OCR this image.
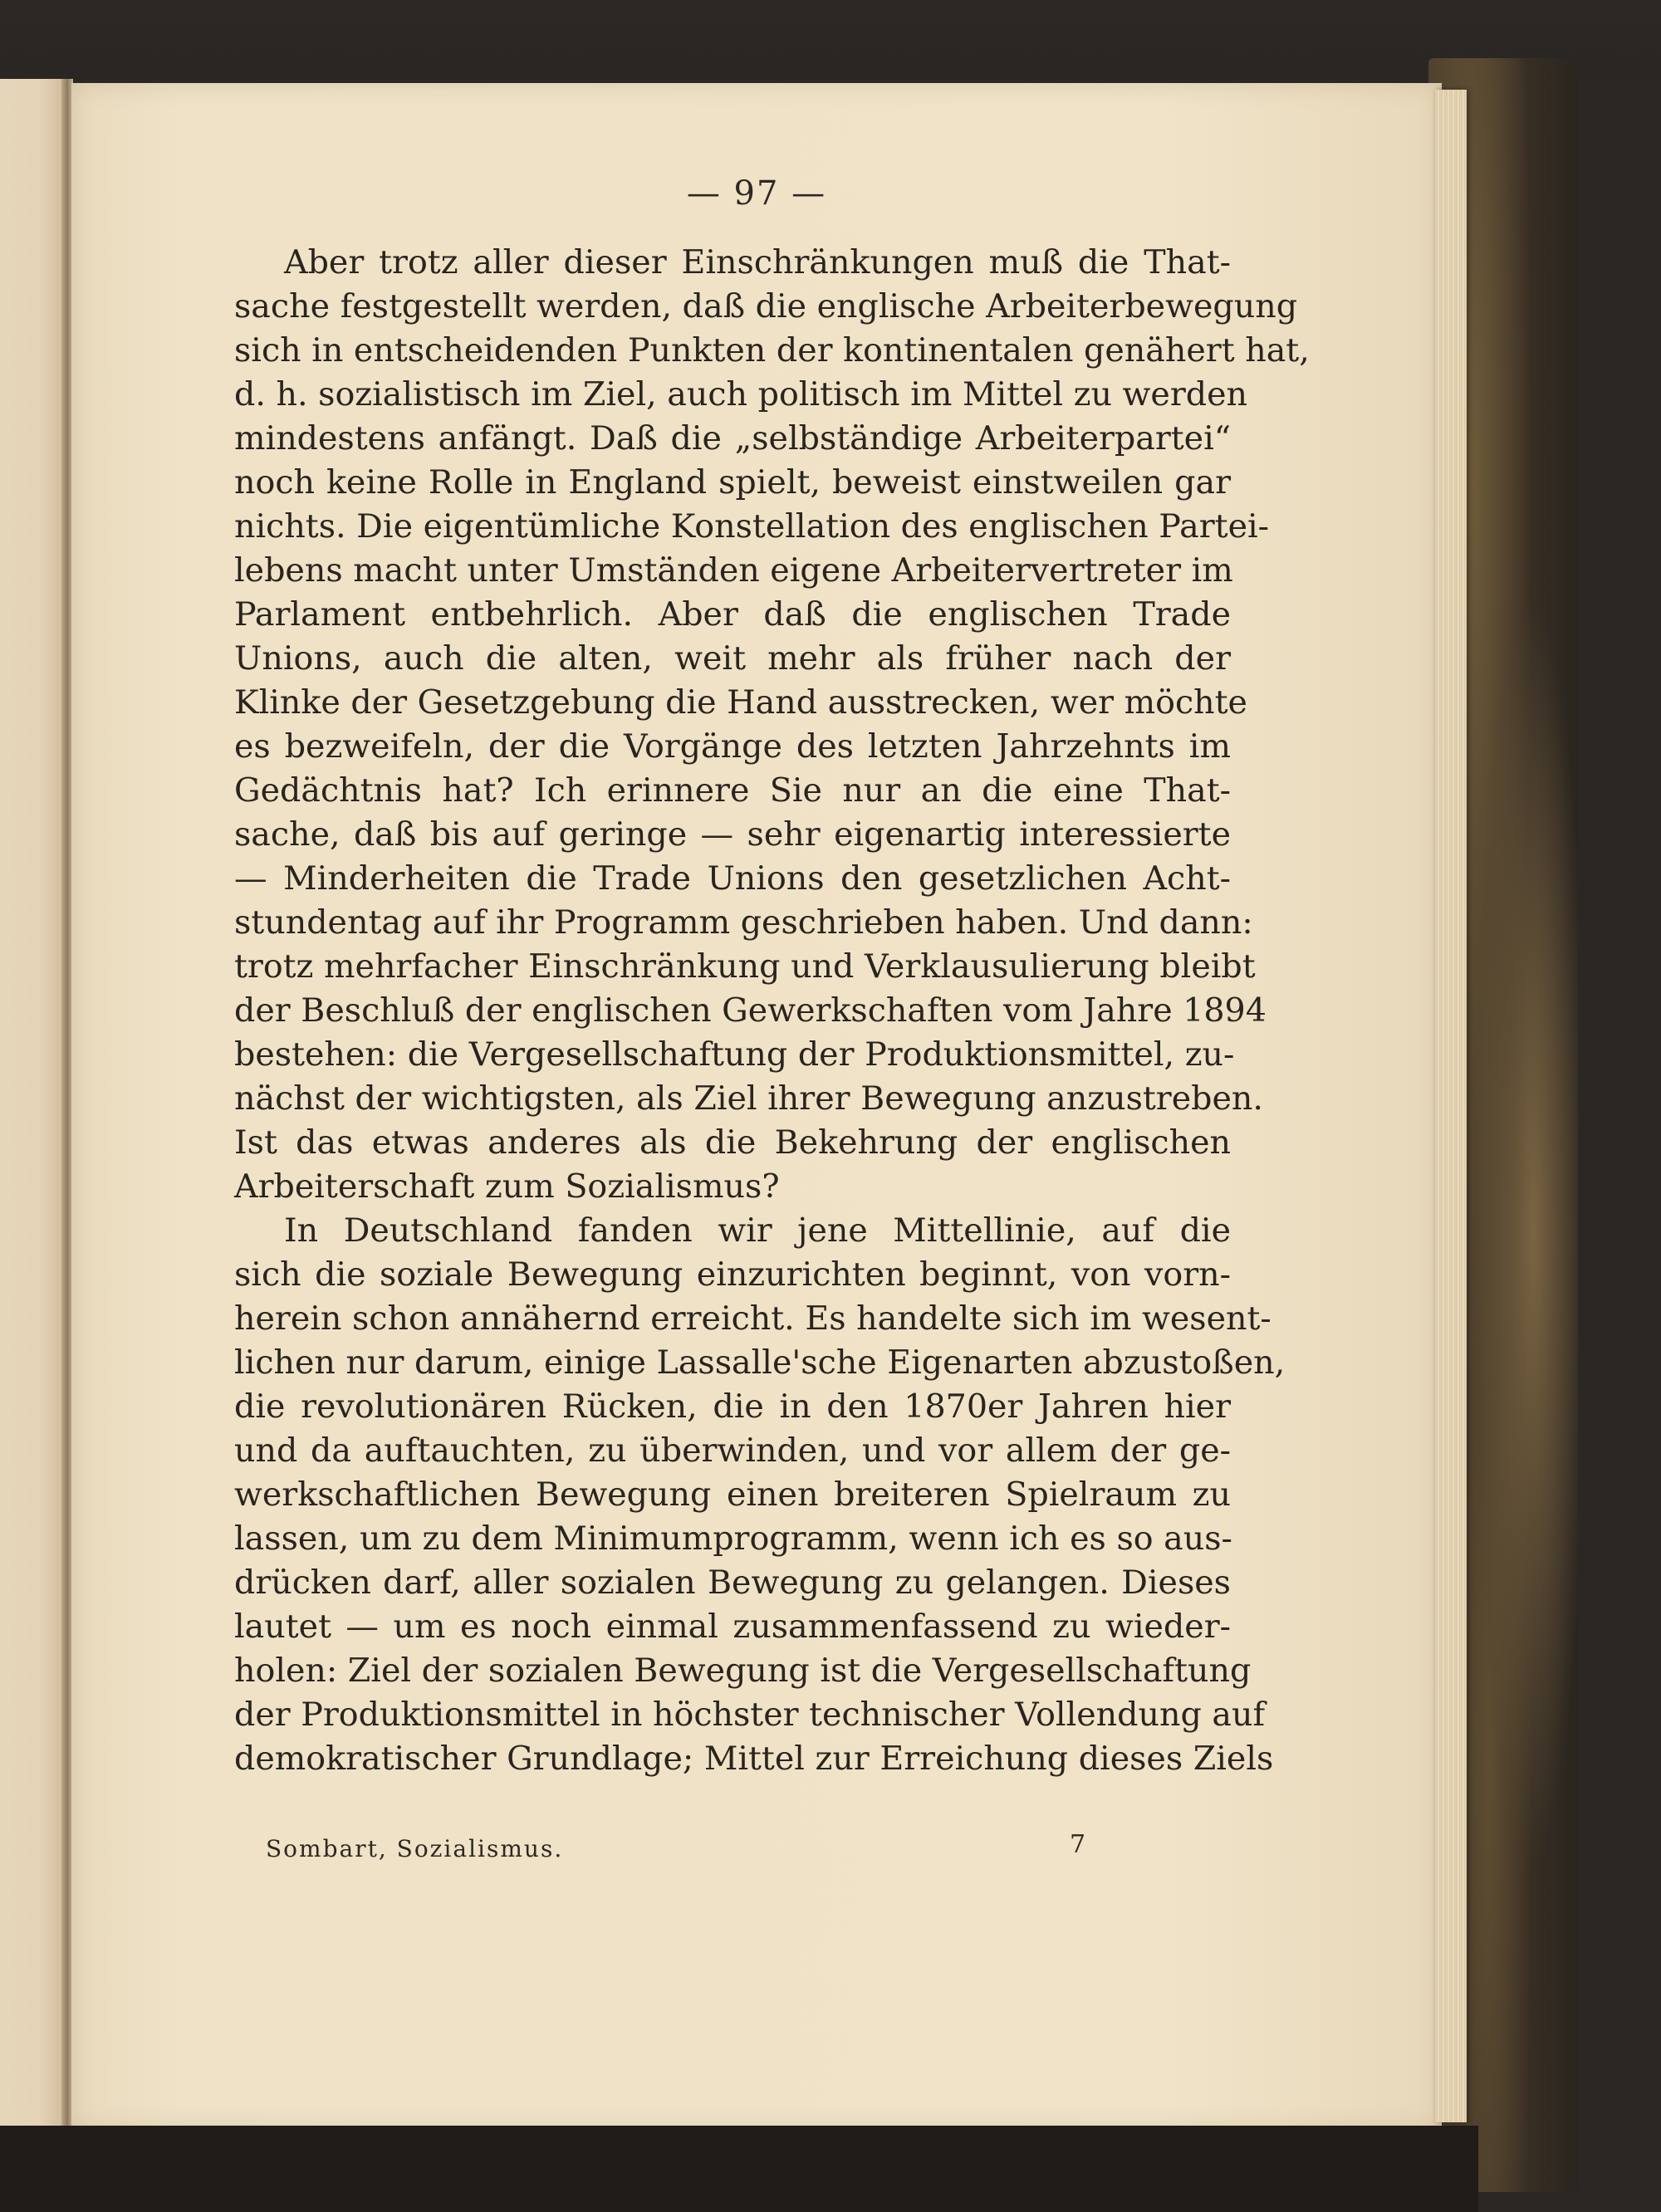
— 97 —
Aber trotz aller dieser Einschränkungen muß die That-
sache festgestellt werden, daß die englische Arbeiterbewegung
sich in entscheidenden Punkten der kontinentalen genähert hat,
d. h. sozialistisch im Ziel, auch politisch im Mittel zu werden
mindestens anfängt. Daß die „selbständige Arbeiterpartei“
noch keine Rolle in England spielt, beweist einstweilen gar
nichts. Die eigentümliche Konstellation des englischen Partei-
lebens macht unter Umständen eigene Arbeitervertreter im
Parlament entbehrlich. Aber daß die englischen Trade
Unions, auch die alten, weit mehr als früher nach der
Klinke der Gesetzgebung die Hand ausstrecken, wer möchte
es bezweifeln, der die Vorgänge des letzten Jahrzehnts im
Gedächtnis hat? Ich erinnere Sie nur an die eine That-
sache, daß bis auf geringe — sehr eigenartig interessierte
— Minderheiten die Trade Unions den gesetzlichen Acht-
stundentag auf ihr Programm geschrieben haben. Und dann:
trotz mehrfacher Einschränkung und Verklausulierung bleibt
der Beschluß der englischen Gewerkschaften vom Jahre 1894
bestehen: die Vergesellschaftung der Produktionsmittel, zu-
nächst der wichtigsten, als Ziel ihrer Bewegung anzustreben.
Ist das etwas anderes als die Bekehrung der englischen
Arbeiterschaft zum Sozialismus?
In Deutschland fanden wir jene Mittellinie, auf die
sich die soziale Bewegung einzurichten beginnt, von vorn-
herein schon annähernd erreicht. Es handelte sich im wesent-
lichen nur darum, einige Lassalle'sche Eigenarten abzustoßen,
die revolutionären Rücken, die in den 1870er Jahren hier
und da auftauchten, zu überwinden, und vor allem der ge-
werkschaftlichen Bewegung einen breiteren Spielraum zu
lassen, um zu dem Minimumprogramm, wenn ich es so aus-
drücken darf, aller sozialen Bewegung zu gelangen. Dieses
lautet — um es noch einmal zusammenfassend zu wieder-
holen: Ziel der sozialen Bewegung ist die Vergesellschaftung
der Produktionsmittel in höchster technischer Vollendung auf
demokratischer Grundlage; Mittel zur Erreichung dieses Ziels
Sombart, Sozialismus.	7
